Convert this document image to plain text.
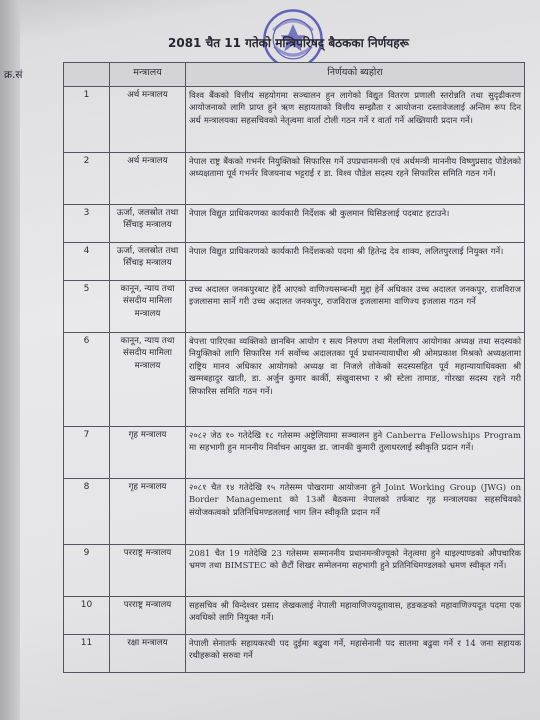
2081 चैत 11 गतेको मन्त्रिपरिषद् बैठकका निर्णयहरू
क्र.सं
		मन्त्रालय	निर्णयको ब्यहोरा
1	अर्थ मन्त्रालय	विश्व बैंकको वित्तीय सहयोगमा सञ्चालन हुन लागेको विद्युत वितरण प्रणाली स्तरोन्नति तथा सुदृढीकरण आयोजनाको लागि प्राप्त हुने ऋण सहायताको वित्तीय सम्झौता र आयोजना दस्तावेजलाई अन्तिम रूप दिन अर्थ मन्त्रालयका सहसचिवको नेतृत्वमा वार्ता टोली गठन गर्ने र वार्ता गर्ने अख्तियारी प्रदान गर्ने।
2	अर्थ मन्त्रालय	नेपाल राष्ट्र बैंकको गभर्नर नियुक्तिको सिफारिस गर्ने उपप्रधानमन्त्री एवं अर्थमन्त्री माननीय विष्णुप्रसाद पौडेलको अध्यक्षतामा पूर्व गभर्नर विजयनाथ भट्टराई र डा. विश्व पौडेल सदस्य रहने सिफारिस समिति गठन गर्ने।
3	ऊर्जा, जलस्रोत तथा सिँचाइ मन्त्रालय	नेपाल विद्युत प्राधिकरणका कार्यकारी निर्देशक श्री कुलमान घिसिङलाई पदबाट हटाउने।
4	ऊर्जा, जलस्रोत तथा सिँचाइ मन्त्रालय	नेपाल विद्युत प्राधिकरणको कार्यकारी निर्देशकको पदमा श्री हितेन्द्र देव शाक्य, ललितपुरलाई नियुक्त गर्ने।
5	कानून, न्याय तथा संसदीय मामिला मन्त्रालय	उच्च अदालत जनकपुरबाट हेर्दै आएको वाणिज्यसम्बन्धी मुद्दा हेर्ने अधिकार उच्च अदालत जनकपुर, राजविराज इजलासमा सार्ने गरी उच्च अदालत जनकपुर, राजविराज इजलासमा वाणिज्य इजलास गठन गर्ने
6	कानून, न्याय तथा संसदीय मामिला मन्त्रालय	बेपत्ता पारिएका व्यक्तिको छानबिन आयोग र सत्य निरुपण तथा मेलमिलाप आयोगका अध्यक्ष तथा सदस्यको नियुक्तिको लागि सिफारिस गर्न सर्वोच्च अदालतका पूर्व प्रधानन्यायाधीश श्री ओमप्रकाश मिश्रको अध्यक्षतामा राष्ट्रिय मानव अधिकार आयोगको अध्यक्ष वा निजले तोकेको सदस्यसहित पूर्व महान्यायाधिवक्ता श्री खम्मबहादुर खाती, डा. अर्जुन कुमार कार्की, संखुवासभा र श्री स्टेला तामाङ, गोरखा सदस्य रहने गरी सिफारिस समिति गठन गर्ने।
7	गृह मन्त्रालय	२०८२ जेठ १० गतेदेखि १८ गतेसम्म अष्ट्रेलियामा सञ्चालन हुने Canberra Fellowships Program मा सहभागी हुन माननीय निर्वाचन आयुक्त डा. जानकी कुमारी तुलाधरलाई स्वीकृति प्रदान गर्ने।
8	गृह मन्त्रालय	२०८१ चैत १४ गतेदेखि १५ गतेसम्म पोखरामा आयोजना हुने Joint Working Group (JWG) on Border Management को 13औं बैठकमा नेपालको तर्फबाट गृह मन्त्रालयका सहसचिवको संयोजकत्वको प्रतिनिधिमण्डललाई भाग लिन स्वीकृति प्रदान गर्ने
9	परराष्ट्र मन्त्रालय	2081 चैत 19 गतेदेखि 23 गतेसम्म सम्माननीय प्रधानमन्त्रीज्यूको नेतृत्वमा हुने थाइल्याण्डको औपचारिक भ्रमण तथा BIMSTEC को छैटौं शिखर सम्मेलनमा सहभागी हुने प्रतिनिधिमण्डलको भ्रमण स्वीकृत गर्ने।
10	परराष्ट्र मन्त्रालय	सहसचिव श्री विन्देश्वर प्रसाद लेखकलाई नेपाली महावाणिज्यदूतावास, हङकङको महावाणिज्यदूत पदमा एक अवधिको लागि नियुक्त गर्ने।
11	रक्षा मन्त्रालय	नेपाली सेनातर्फ सहायकरथी पद दुईमा बढुवा गर्ने, महासेनानी पद सातमा बढुवा गर्ने र 14 जना सहायक रथीहरूको सरुवा गर्ने
